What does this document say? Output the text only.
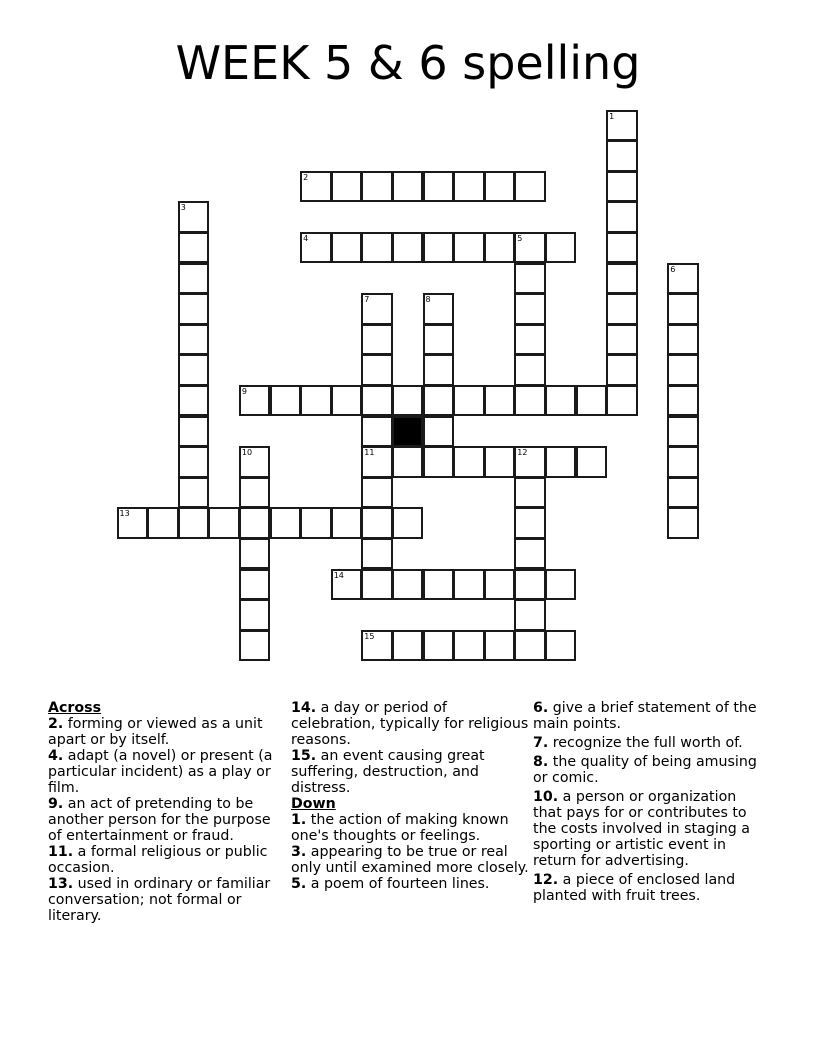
WEEK 5 & 6 spelling
1
2
3
4	5
6
7
11
8
9
10	12
13
14
15
Across
2. forming or viewed as a unit apart or by itself.
4. adapt (a novel) or present (a particular incident) as a play or film.
9. an act of pretending to be another person for the purpose of entertainment or fraud.
11. a formal religious or public occasion.
13. used in ordinary or familiar conversation; not formal or literary.
14. a day or period of celebration, typically for religious reasons.
15. an event causing great suffering, destruction, and distress.
Down
1. the action of making known one's thoughts or feelings.
3. appearing to be true or real only until examined more closely.
5. a poem of fourteen lines.
6. give a brief statement of the main points.
7. recognize the full worth of.
8. the quality of being amusing or comic.
10. a person or organization that pays for or contributes to the costs involved in staging a sporting or artistic event in return for advertising.
12. a piece of enclosed land planted with fruit trees.
